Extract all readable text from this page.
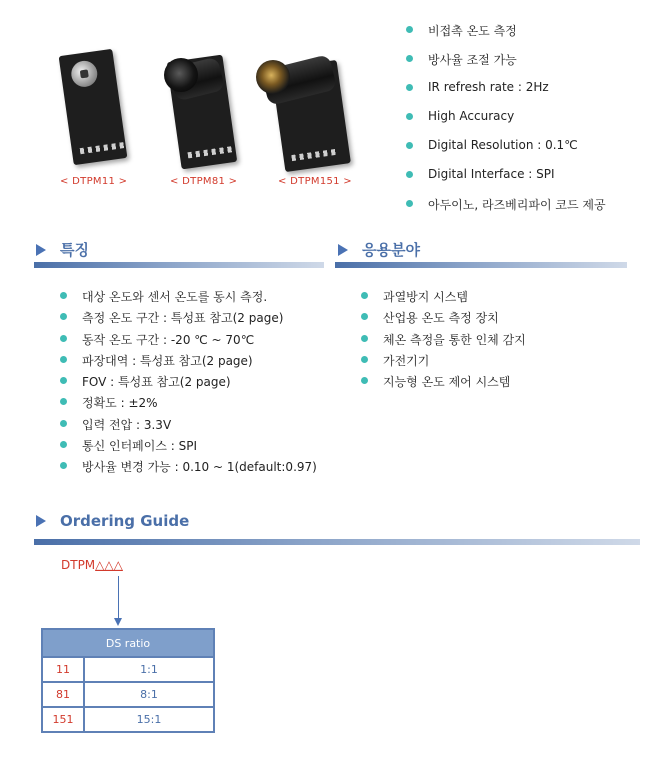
< DTPM11 >	< DTPM81 >	< DTPM151 >
비접촉 온도 측정
방사율 조절 가능
IR refresh rate : 2Hz
High Accuracy
Digital Resolution : 0.1℃
Digital Interface : SPI
아두이노, 라즈베리파이 코드 제공
특징	응용분야
대상 온도와 센서 온도를 동시 측정.
측정 온도 구간 : 특성표 참고(2 page)
동작 온도 구간 : -20 ℃ ~ 70℃
파장대역 : 특성표 참고(2 page)
FOV : 특성표 참고(2 page)
정확도 : ±2%
입력 전압 : 3.3V
통신 인터페이스 : SPI
방사율 변경 가능 : 0.10 ~ 1(default:0.97)
과열방지 시스템
산업용 온도 측정 장치
체온 측정을 통한 인체 감지
가전기기
지능형 온도 제어 시스템
Ordering Guide
DTPM△△△
DS ratio	
11	1:1
81	8:1
151	15:1
